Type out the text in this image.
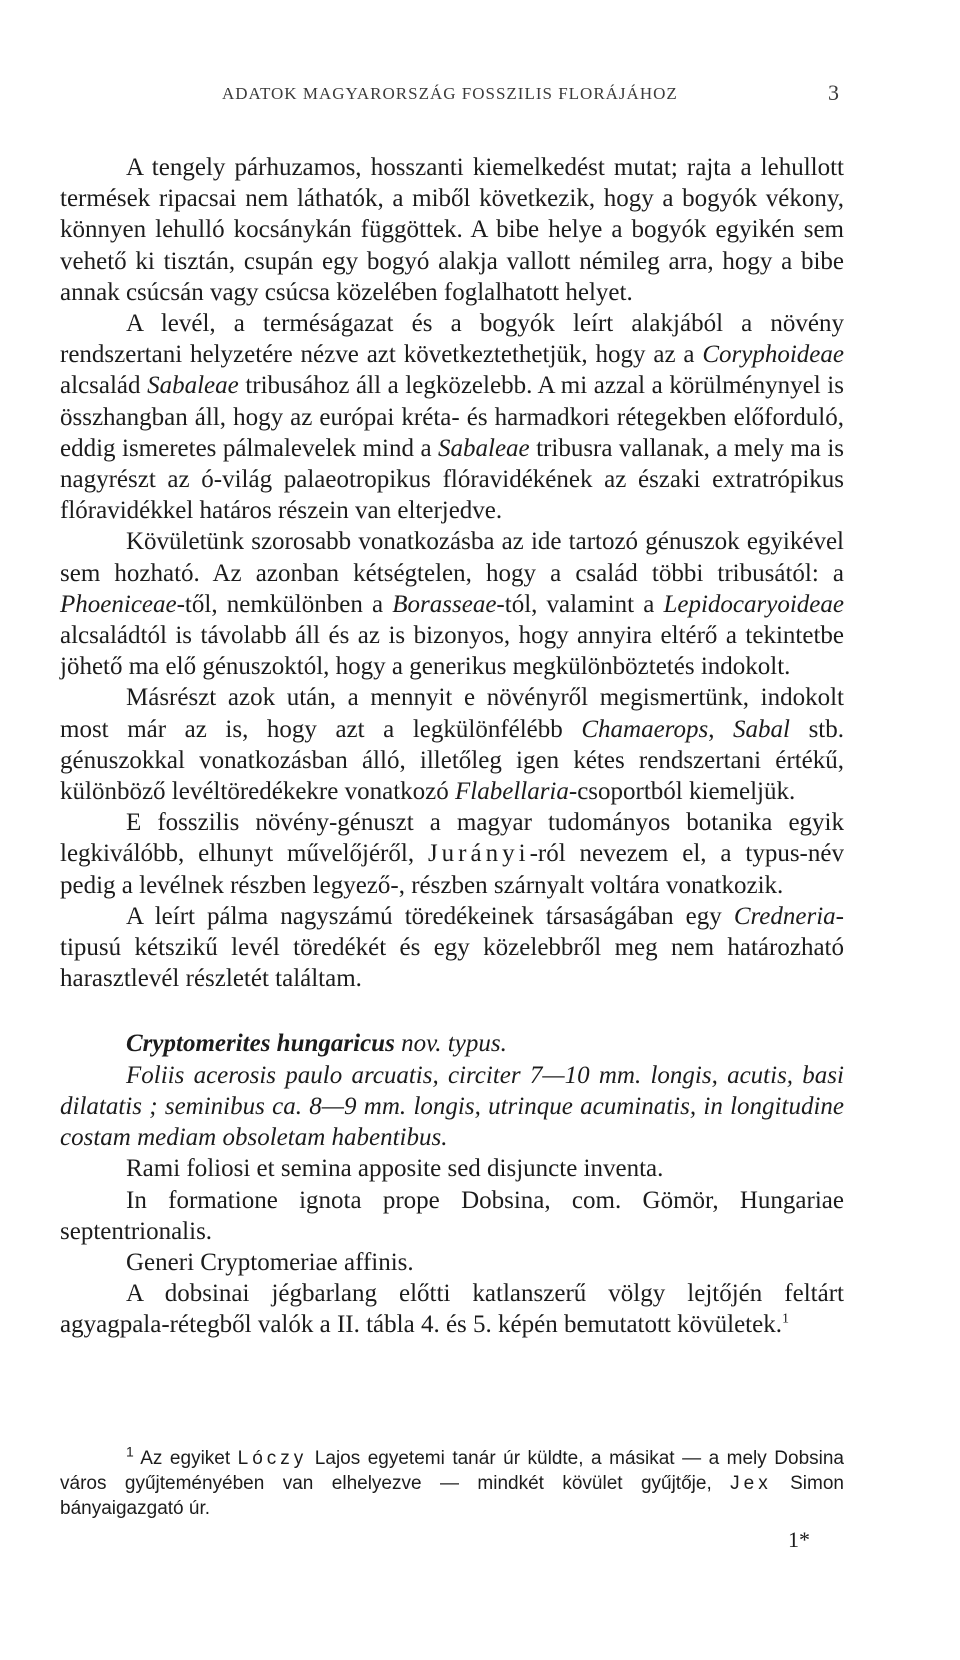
ADATOK MAGYARORSZÁG FOSSZILIS FLORÁJÁHOZ	3

A tengely párhuzamos, hosszanti kiemelkedést mutat; rajta a lehullott termések ripacsai nem láthatók, a miből következik, hogy a bogyók vékony, könnyen lehulló kocsánykán függöttek. A bibe helye a bogyók egyikén sem vehető ki tisztán, csupán egy bogyó alakja vallott némileg arra, hogy a bibe annak csúcsán vagy csúcsa közelében foglalhatott helyet.

A levél, a terméságazat és a bogyók leírt alakjából a növény rendszertani helyzetére nézve azt következtethetjük, hogy az a Coryphoideae alcsalád Sabaleae tribusához áll a legközelebb. A mi azzal a körülménynyel is összhangban áll, hogy az európai kréta- és harmadkori rétegekben előforduló, eddig ismeretes pálmalevelek mind a Sabaleae tribusra vallanak, a mely ma is nagyrészt az ó-világ palaeotropikus flóravidékének az északi extratrópikus flóravidékkel határos részein van elterjedve.

Kövületünk szorosabb vonatkozásba az ide tartozó génuszok egyikével sem hozható. Az azonban kétségtelen, hogy a család többi tribusától: a Phoeniceae-től, nemkülönben a Borasseae-tól, valamint a Lepidocaryoideae alcsaládtól is távolabb áll és az is bizonyos, hogy annyira eltérő a tekintetbe jöhető ma elő génuszoktól, hogy a generikus megkülönböztetés indokolt.

Másrészt azok után, a mennyit e növényről megismertünk, indokolt most már az is, hogy azt a legkülönfélébb Chamaerops, Sabal stb. génuszokkal vonatkozásban álló, illetőleg igen kétes rendszertani értékű, különböző levéltöredékekre vonatkozó Flabellaria-csoportból kiemeljük.

E fosszilis növény-génuszt a magyar tudományos botanika egyik legkiválóbb, elhunyt művelőjéről, Jurányi-ról nevezem el, a typus-név pedig a levélnek részben legyező-, részben szárnyalt voltára vonatkozik.

A leírt pálma nagyszámú töredékeinek társaságában egy Credneria-tipusú kétszikű levél töredékét és egy közelebbről meg nem határozható harasztlevél részletét találtam.

Cryptomerites hungaricus nov. typus.

Foliis acerosis paulo arcuatis, circiter 7—10 mm. longis, acutis, basi dilatatis ; seminibus ca. 8—9 mm. longis, utrinque acuminatis, in longitudine costam mediam obsoletam habentibus.

Rami foliosi et semina apposite sed disjuncte inventa.

In formatione ignota prope Dobsina, com. Gömör, Hungariae septentrionalis.

Generi Cryptomeriae affinis.

A dobsinai jégbarlang előtti katlanszerű völgy lejtőjén feltárt agyagpala-rétegből valók a II. tábla 4. és 5. képén bemutatott kövületek.$^1$

$^1$ Az egyiket Lóczy Lajos egyetemi tanár úr küldte, a másikat — a mely Dobsina város gyűjteményében van elhelyezve — mindkét kövület gyűjtője, Jex Simon bányaigazgató úr.

1*
